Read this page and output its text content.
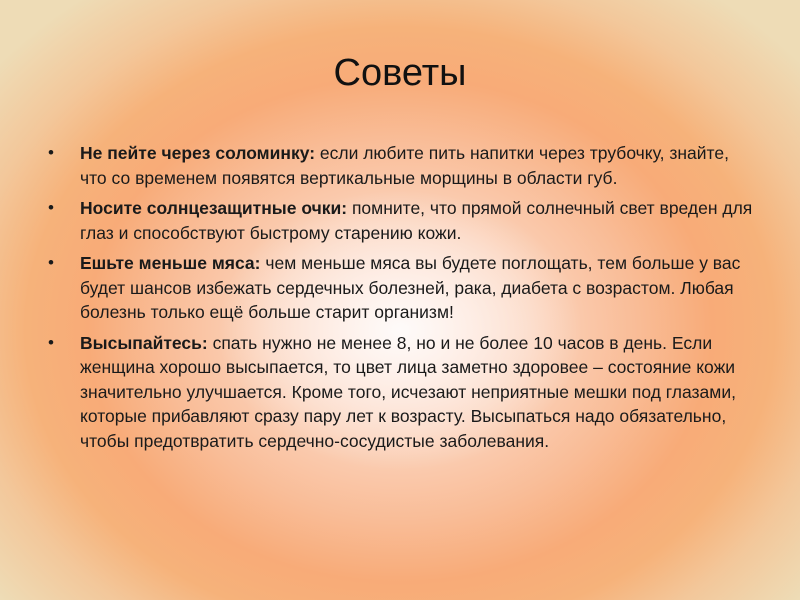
Советы
• Не пейте через соломинку: если любите пить напитки через трубочку, знайте, что со временем появятся вертикальные морщины в области губ.
• Носите солнцезащитные очки: помните, что прямой солнечный свет вреден для глаз и способствуют быстрому старению кожи.
• Ешьте меньше мяса: чем меньше мяса вы будете поглощать, тем больше у вас будет шансов избежать сердечных болезней, рака, диабета с возрастом. Любая болезнь только ещё больше старит организм!
• Высыпайтесь: спать нужно не менее 8, но и не более 10 часов в день. Если женщина хорошо высыпается, то цвет лица заметно здоровее – состояние кожи значительно улучшается. Кроме того, исчезают неприятные мешки под глазами, которые прибавляют сразу пару лет к возрасту. Высыпаться надо обязательно, чтобы предотвратить сердечно-сосудистые заболевания.
